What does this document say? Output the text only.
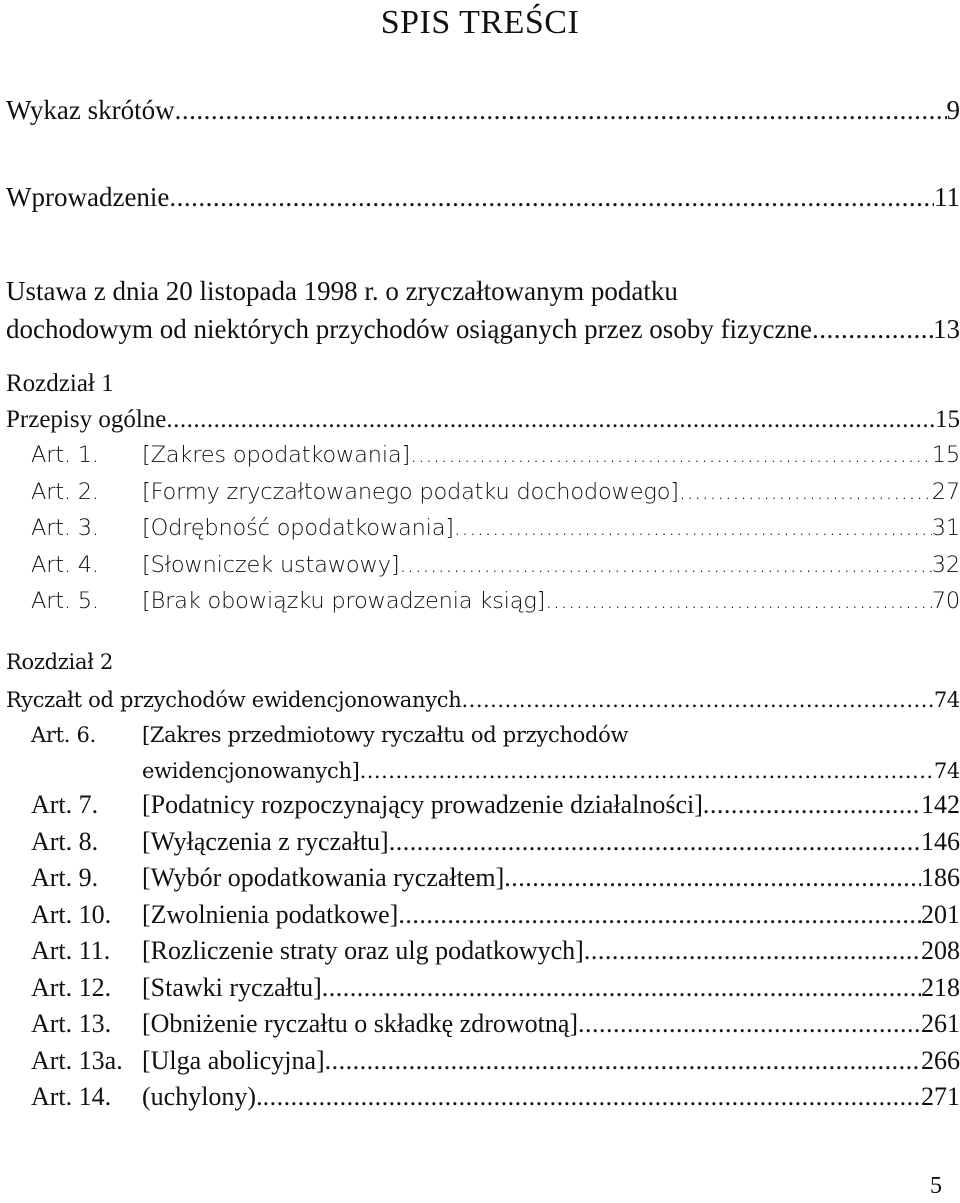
SPIS TREŚCI
Wykaz skrótów .....	9
Wprowadzenie .....	11
Ustawa z dnia 20 listopada 1998 r. o zryczałtowanym podatku
dochodowym od niektórych przychodów osiąganych przez osoby fizyczne .....	13
Rozdział 1
Przepisy ogólne .....	15
Art. 1.	[Zakres opodatkowania] .....	15
Art. 2.	[Formy zryczałtowanego podatku dochodowego] .....	27
Art. 3.	[Odrębność opodatkowania] .....	31
Art. 4.	[Słowniczek ustawowy] .....	32
Art. 5.	[Brak obowiązku prowadzenia ksiąg] .....	70
Rozdział 2
Ryczałt od przychodów ewidencjonowanych .....	74
Art. 6. [Zakres przedmiotowy ryczałtu od przychodów
ewidencjonowanych] .....	74
Art. 7.	[Podatnicy rozpoczynający prowadzenie działalności] .....	142
Art. 8.	[Wyłączenia z ryczałtu] .....	146
Art. 9.	[Wybór opodatkowania ryczałtem] .....	186
Art. 10.	[Zwolnienia podatkowe] .....	201
Art. 11.	[Rozliczenie straty oraz ulg podatkowych] .....	208
Art. 12.	[Stawki ryczałtu] .....	218
Art. 13.	[Obniżenie ryczałtu o składkę zdrowotną] .....	261
Art. 13a. [Ulga abolicyjna] .....	266
Art. 14.	(uchylony). .....	271
5
